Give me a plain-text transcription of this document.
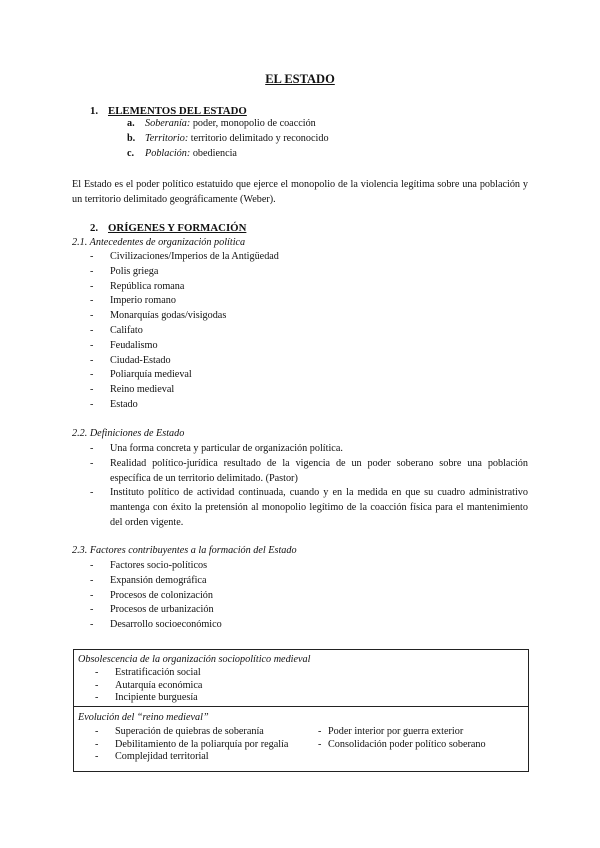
EL ESTADO
1. ELEMENTOS DEL ESTADO
a. Soberanía: poder, monopolio de coacción
b. Territorio: territorio delimitado y reconocido
c. Población: obediencia

El Estado es el poder político estatuido que ejerce el monopolio de la violencia legítima sobre una población y un territorio delimitado geográficamente (Weber).

2. ORÍGENES Y FORMACIÓN
2.1. Antecedentes de organización política
- Civilizaciones/Imperios de la Antigüedad
- Polis griega
- República romana
- Imperio romano
- Monarquías godas/visigodas
- Califato
- Feudalismo
- Ciudad-Estado
- Poliarquía medieval
- Reino medieval
- Estado
2.2. Definiciones de Estado
- Una forma concreta y particular de organización política.
- Realidad político-jurídica resultado de la vigencia de un poder soberano sobre una población específica de un territorio delimitado. (Pastor)
- Instituto político de actividad continuada, cuando y en la medida en que su cuadro administrativo mantenga con éxito la pretensión al monopolio legítimo de la coacción física para el mantenimiento del orden vigente.
2.3. Factores contribuyentes a la formación del Estado
- Factores socio-políticos
- Expansión demográfica
- Procesos de colonización
- Procesos de urbanización
- Desarrollo socioeconómico
Obsolescencia de la organización sociopolítico medieval
- Estratificación social
- Autarquía económica
- Incipiente burguesía
Evolución del “reino medieval”
- Superación de quiebras de soberanía
- Debilitamiento de la poliarquía por regalía
- Complejidad territorial
- Poder interior por guerra exterior
- Consolidación poder político soberano
